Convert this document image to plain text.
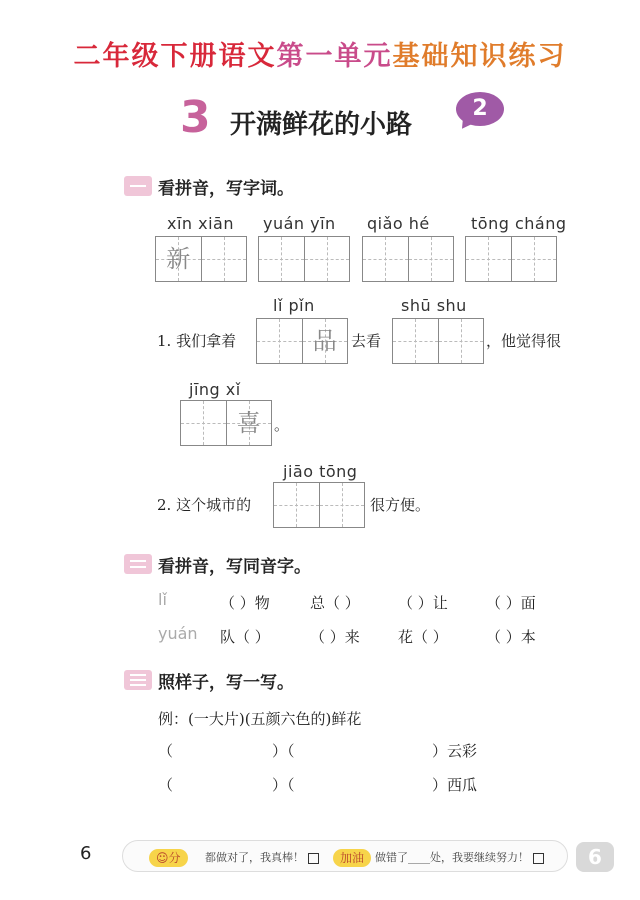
二年级下册语文第一单元基础知识练习
3 开满鲜花的小路
2
看拼音，写字词。
xīn xiān yuán yīn qiǎo hé	tōng cháng
新
lǐ pǐn	shū shu
1. 我们拿着	品 去看	，他觉得很
jīng xǐ
喜 。
jiāo tōng
2. 这个城市的	很方便。
看拼音，写同音字。
lǐ	（ ）物	总（ ）	（ ）让	（ ）面
yuán 队（ ）	（ ）来	花（ ）	（ ）本
照样子，写一写。
例：(一大片)(五颜六色的)鲜花
（	）（	）云彩
（	）（	）西瓜
6	☺分	都做对了，我真棒！	加油 做错了____处，我要继续努力！	6
